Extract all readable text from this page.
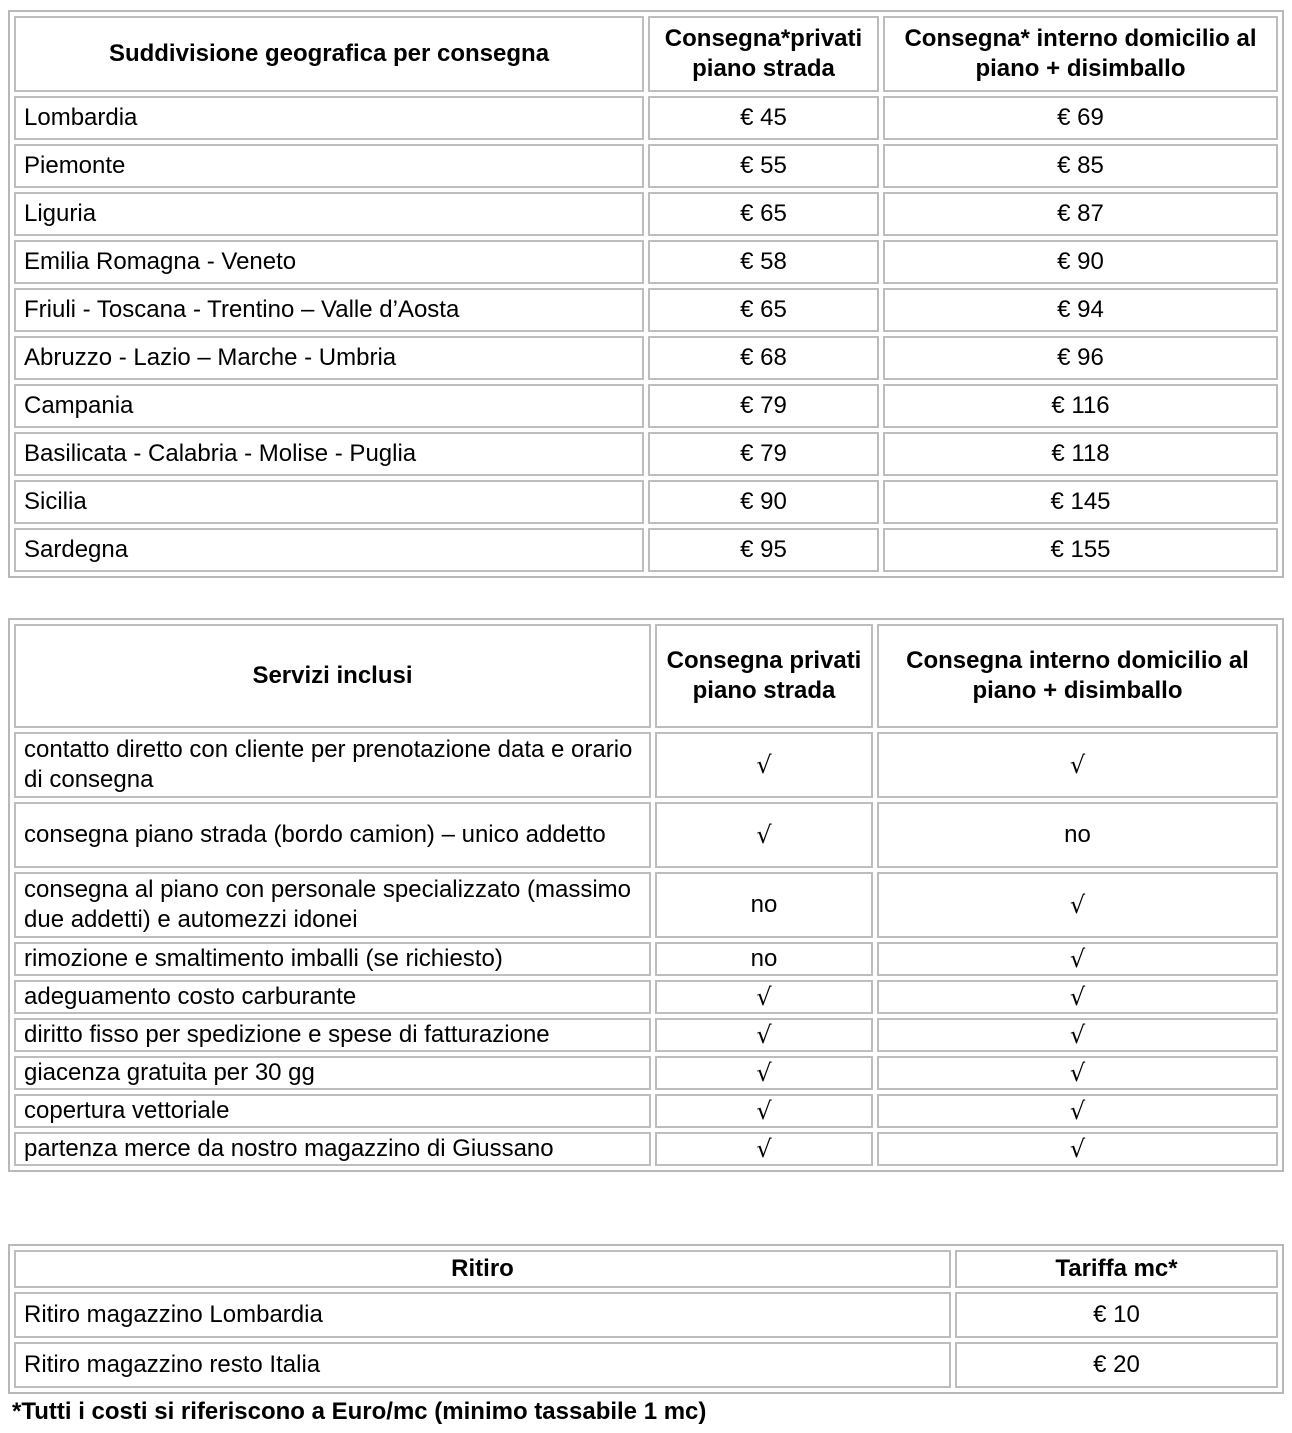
Suddivisione geografica per consegna	Consegna*privati piano strada	Consegna* interno domicilio al piano + disimballo
Lombardia	€ 45	€ 69
Piemonte	€ 55	€ 85
Liguria	€ 65	€ 87
Emilia Romagna - Veneto	€ 58	€ 90
Friuli - Toscana - Trentino – Valle d’Aosta	€ 65	€ 94
Abruzzo - Lazio – Marche - Umbria	€ 68	€ 96
Campania	€ 79	€ 116
Basilicata - Calabria - Molise - Puglia	€ 79	€ 118
Sicilia	€ 90	€ 145
Sardegna	€ 95	€ 155
Servizi inclusi	Consegna privati piano strada	Consegna interno domicilio al piano + disimballo
contatto diretto con cliente per prenotazione data e orario di consegna	√	√
consegna piano strada (bordo camion) – unico addetto	√	no
consegna al piano con personale specializzato (massimo due addetti) e automezzi idonei	no	√
rimozione e smaltimento imballi (se richiesto)	no	√
adeguamento costo carburante	√	√
diritto fisso per spedizione e spese di fatturazione	√	√
giacenza gratuita per 30 gg	√	√
copertura vettoriale	√	√
partenza merce da nostro magazzino di Giussano	√	√
Ritiro	Tariffa mc*
Ritiro magazzino Lombardia	€ 10
Ritiro magazzino resto Italia	€ 20
*Tutti i costi si riferiscono a Euro/mc (minimo tassabile 1 mc)
